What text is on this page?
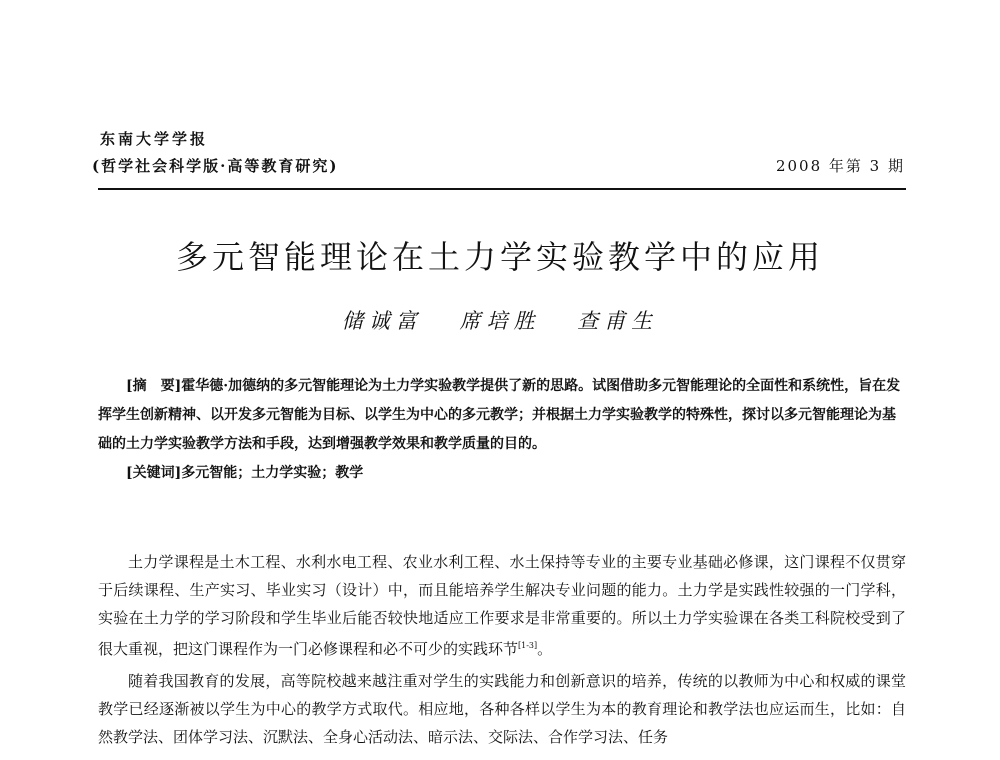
东南大学学报
(哲学社会科学版·高等教育研究)	2008 年第 3 期
多元智能理论在土力学实验教学中的应用
储诚富 席培胜 查甫生

[摘　要]霍华德·加德纳的多元智能理论为土力学实验教学提供了新的思路。试图借助多元智能理论的全面性和系统性，旨在发挥学生创新精神、以开发多元智能为目标、以学生为中心的多元教学；并根据土力学实验教学的特殊性，探讨以多元智能理论为基础的土力学实验教学方法和手段，达到增强教学效果和教学质量的目的。

[关键词]多元智能；土力学实验；教学

土力学课程是土木工程、水利水电工程、农业水利工程、水土保持等专业的主要专业基础必修课，这门课程不仅贯穿于后续课程、生产实习、毕业实习（设计）中，而且能培养学生解决专业问题的能力。土力学是实践性较强的一门学科，实验在土力学的学习阶段和学生毕业后能否较快地适应工作要求是非常重要的。所以土力学实验课在各类工科院校受到了很大重视，把这门课程作为一门必修课程和必不可少的实践环节[1-3]。

随着我国教育的发展，高等院校越来越注重对学生的实践能力和创新意识的培养，传统的以教师为中心和权威的课堂教学已经逐渐被以学生为中心的教学方式取代。相应地，各种各样以学生为本的教育理论和教学法也应运而生，比如：自然教学法、团体学习法、沉默法、全身心活动法、暗示法、交际法、合作学习法、任务
